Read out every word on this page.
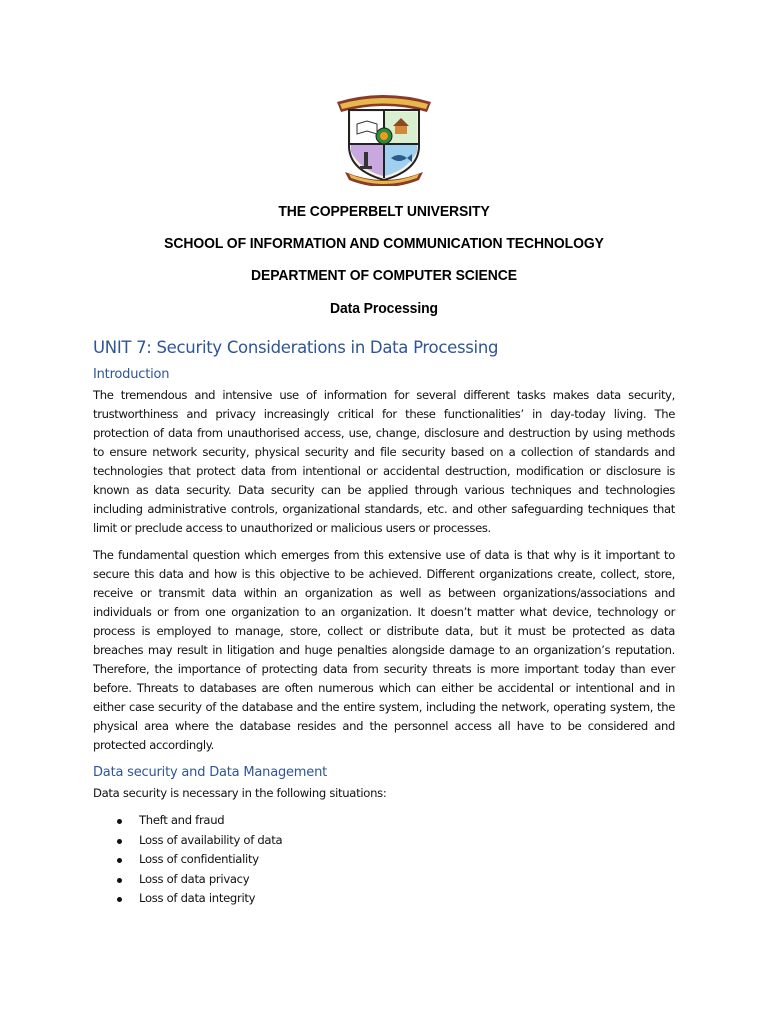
THE COPPERBELT UNIVERSITY
SCHOOL OF INFORMATION AND COMMUNICATION TECHNOLOGY
DEPARTMENT OF COMPUTER SCIENCE
Data Processing
UNIT 7: Security Considerations in Data Processing
Introduction

The tremendous and intensive use of information for several different tasks makes data security, trustworthiness and privacy increasingly critical for these functionalities’ in day-today living. The protection of data from unauthorised access, use, change, disclosure and destruction by using methods to ensure network security, physical security and file security based on a collection of standards and technologies that protect data from intentional or accidental destruction, modification or disclosure is known as data security. Data security can be applied through various techniques and technologies including administrative controls, organizational standards, etc. and other safeguarding techniques that limit or preclude access to unauthorized or malicious users or processes.

The fundamental question which emerges from this extensive use of data is that why is it important to secure this data and how is this objective to be achieved. Different organizations create, collect, store, receive or transmit data within an organization as well as between organizations/associations and individuals or from one organization to an organization. It doesn’t matter what device, technology or process is employed to manage, store, collect or distribute data, but it must be protected as data breaches may result in litigation and huge penalties alongside damage to an organization’s reputation. Therefore, the importance of protecting data from security threats is more important today than ever before. Threats to databases are often numerous which can either be accidental or intentional and in either case security of the database and the entire system, including the network, operating system, the physical area where the database resides and the personnel access all have to be considered and protected accordingly.

Data security and Data Management
Data security is necessary in the following situations:
Theft and fraud
Loss of availability of data
Loss of confidentiality
Loss of data privacy
Loss of data integrity
